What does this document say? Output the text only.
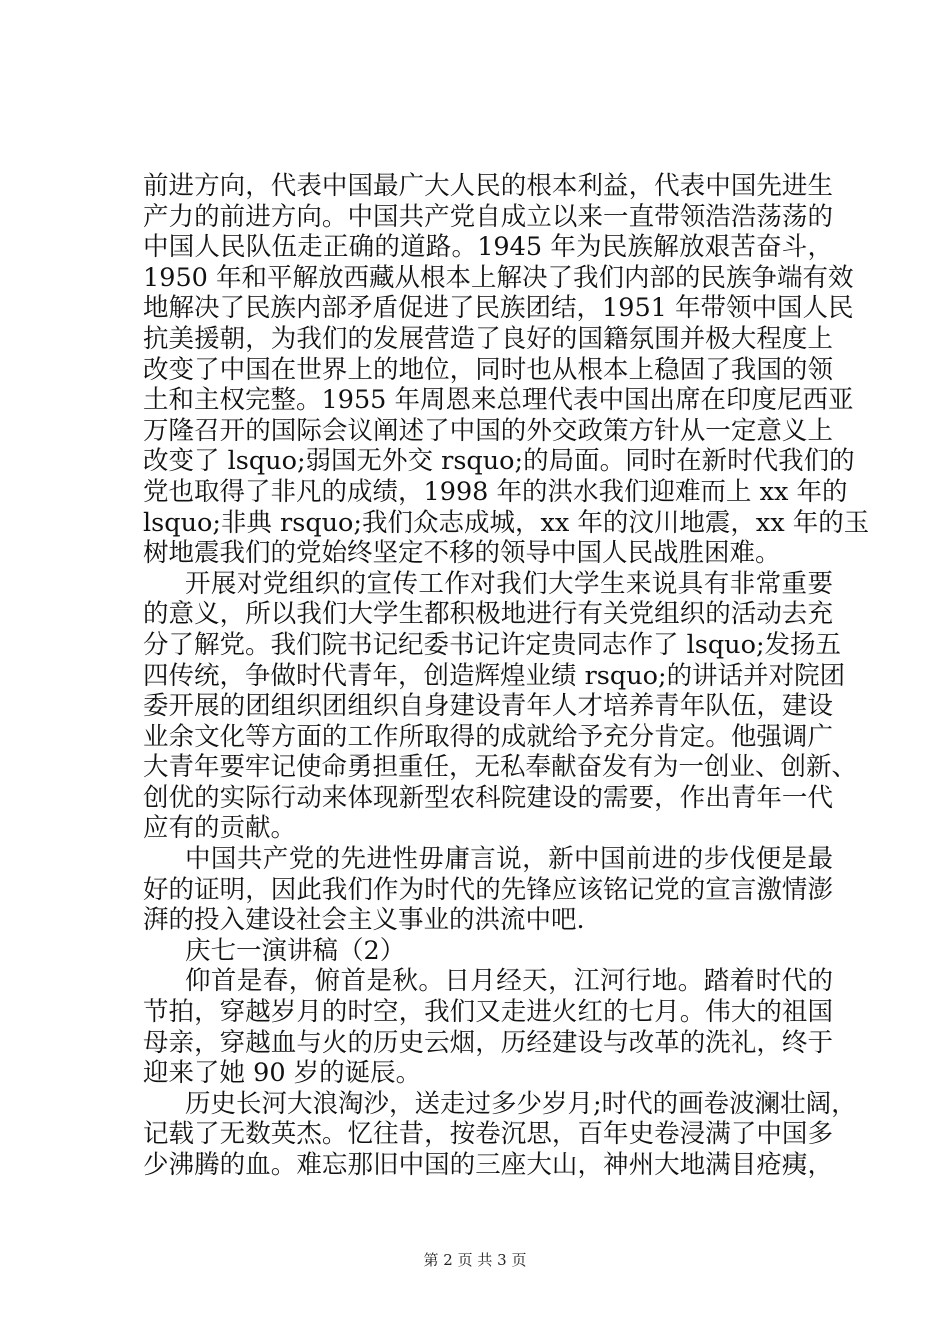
前进方向，代表中国最广大人民的根本利益，代表中国先进生
产力的前进方向。中国共产党自成立以来一直带领浩浩荡荡的
中国人民队伍走正确的道路。1945 年为民族解放艰苦奋斗，
1950 年和平解放西藏从根本上解决了我们内部的民族争端有效
地解决了民族内部矛盾促进了民族团结，1951 年带领中国人民
抗美援朝，为我们的发展营造了良好的国籍氛围并极大程度上
改变了中国在世界上的地位，同时也从根本上稳固了我国的领
土和主权完整。1955 年周恩来总理代表中国出席在印度尼西亚
万隆召开的国际会议阐述了中国的外交政策方针从一定意义上
改变了 lsquo;弱国无外交 rsquo;的局面。同时在新时代我们的
党也取得了非凡的成绩，1998 年的洪水我们迎难而上 xx 年的
lsquo;非典 rsquo;我们众志成城，xx 年的汶川地震，xx 年的玉
树地震我们的党始终坚定不移的领导中国人民战胜困难。
开展对党组织的宣传工作对我们大学生来说具有非常重要
的意义，所以我们大学生都积极地进行有关党组织的活动去充
分了解党。我们院书记纪委书记许定贵同志作了 lsquo;发扬五
四传统，争做时代青年，创造辉煌业绩 rsquo;的讲话并对院团
委开展的团组织团组织自身建设青年人才培养青年队伍，建设
业余文化等方面的工作所取得的成就给予充分肯定。他强调广
大青年要牢记使命勇担重任，无私奉献奋发有为一创业、创新、
创优的实际行动来体现新型农科院建设的需要，作出青年一代
应有的贡献。
中国共产党的先进性毋庸言说，新中国前进的步伐便是最
好的证明，因此我们作为时代的先锋应该铭记党的宣言激情澎
湃的投入建设社会主义事业的洪流中吧.
庆七一演讲稿（2）
仰首是春，俯首是秋。日月经天，江河行地。踏着时代的
节拍，穿越岁月的时空，我们又走进火红的七月。伟大的祖国
母亲，穿越血与火的历史云烟，历经建设与改革的洗礼，终于
迎来了她 90 岁的诞辰。
历史长河大浪淘沙，送走过多少岁月;时代的画卷波澜壮阔，
记载了无数英杰。忆往昔，按卷沉思，百年史卷浸满了中国多
少沸腾的血。难忘那旧中国的三座大山，神州大地满目疮痍，
第 2 页 共 3 页
